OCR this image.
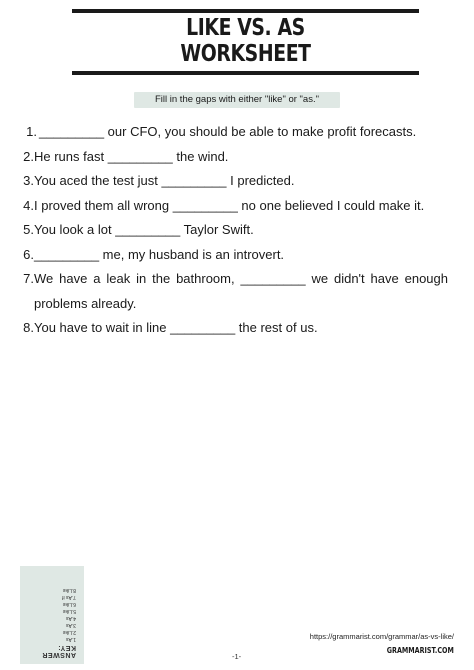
LIKE VS. AS
WORKSHEET
Fill in the gaps with either "like" or "as."
1. _________ our CFO, you should be able to make profit forecasts.
2. He runs fast _________ the wind.
3. You aced the test just _________ I predicted.
4. I proved them all wrong _________ no one believed I could make it.
5. You look a lot _________ Taylor Swift.
6. _________ me, my husband is an introvert.
7. We have a leak in the bathroom, _________ we didn't have enough problems already.
8. You have to wait in line _________ the rest of us.
ANSWER KEY:
1.As
2.Like
3.As
4.As
5.Like
6.Like
7.As if
8.Like
https://grammarist.com/grammar/as-vs-like/
GRAMMARIST.COM
-1-
